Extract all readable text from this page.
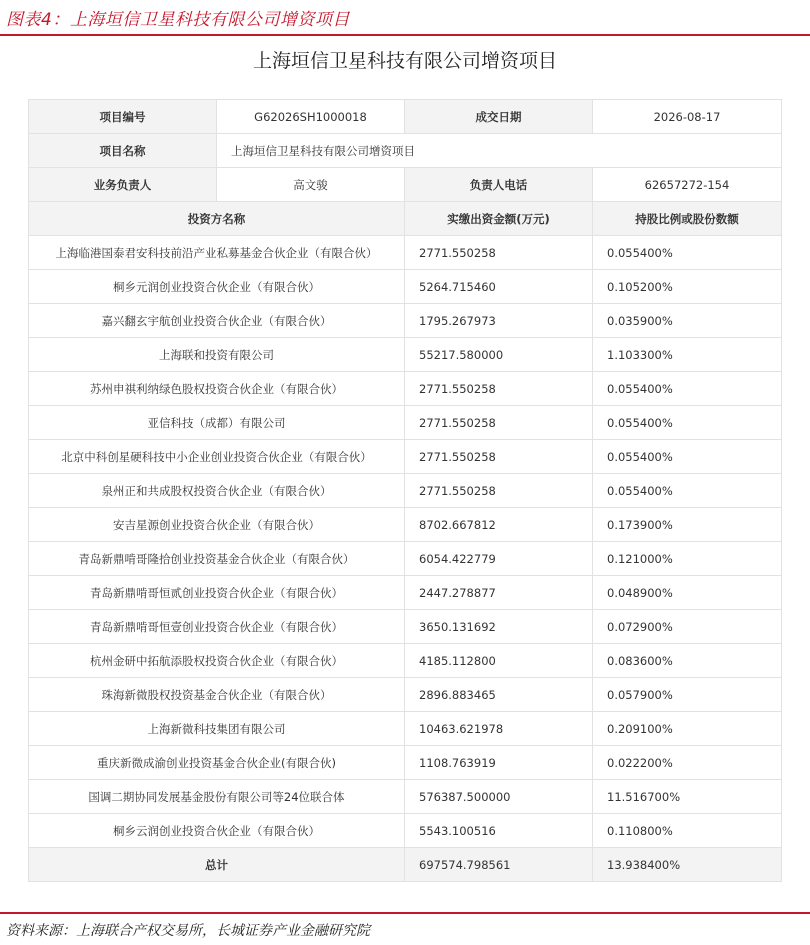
图表4：上海垣信卫星科技有限公司增资项目
上海垣信卫星科技有限公司增资项目
项目编号	G62026SH1000018	成交日期	2026-08-17
项目名称	上海垣信卫星科技有限公司增资项目		
业务负责人	高文骏	负责人电话	62657272-154
投资方名称		实缴出资金额(万元)	持股比例或股份数额
上海临港国泰君安科技前沿产业私募基金合伙企业（有限合伙）		2771.550258	0.055400%
桐乡元润创业投资合伙企业（有限合伙）		5264.715460	0.105200%
嘉兴翻玄宇航创业投资合伙企业（有限合伙）		1795.267973	0.035900%
上海联和投资有限公司		55217.580000	1.103300%
苏州申祺利纳绿色股权投资合伙企业（有限合伙）		2771.550258	0.055400%
亚信科技（成都）有限公司		2771.550258	0.055400%
北京中科创星硬科技中小企业创业投资合伙企业（有限合伙）		2771.550258	0.055400%
泉州正和共成股权投资合伙企业（有限合伙）		2771.550258	0.055400%
安吉星源创业投资合伙企业（有限合伙）		8702.667812	0.173900%
青岛新鼎啃哥隆拾创业投资基金合伙企业（有限合伙）		6054.422779	0.121000%
青岛新鼎啃哥恒贰创业投资合伙企业（有限合伙）		2447.278877	0.048900%
青岛新鼎啃哥恒壹创业投资合伙企业（有限合伙）		3650.131692	0.072900%
杭州金研中拓航添股权投资合伙企业（有限合伙）		4185.112800	0.083600%
珠海新微股权投资基金合伙企业（有限合伙）		2896.883465	0.057900%
上海新微科技集团有限公司		10463.621978	0.209100%
重庆新微成渝创业投资基金合伙企业(有限合伙)		1108.763919	0.022200%
国调二期协同发展基金股份有限公司等24位联合体		576387.500000	11.516700%
桐乡云润创业投资合伙企业（有限合伙）		5543.100516	0.110800%
总计		697574.798561	13.938400%
资料来源：上海联合产权交易所，长城证券产业金融研究院
